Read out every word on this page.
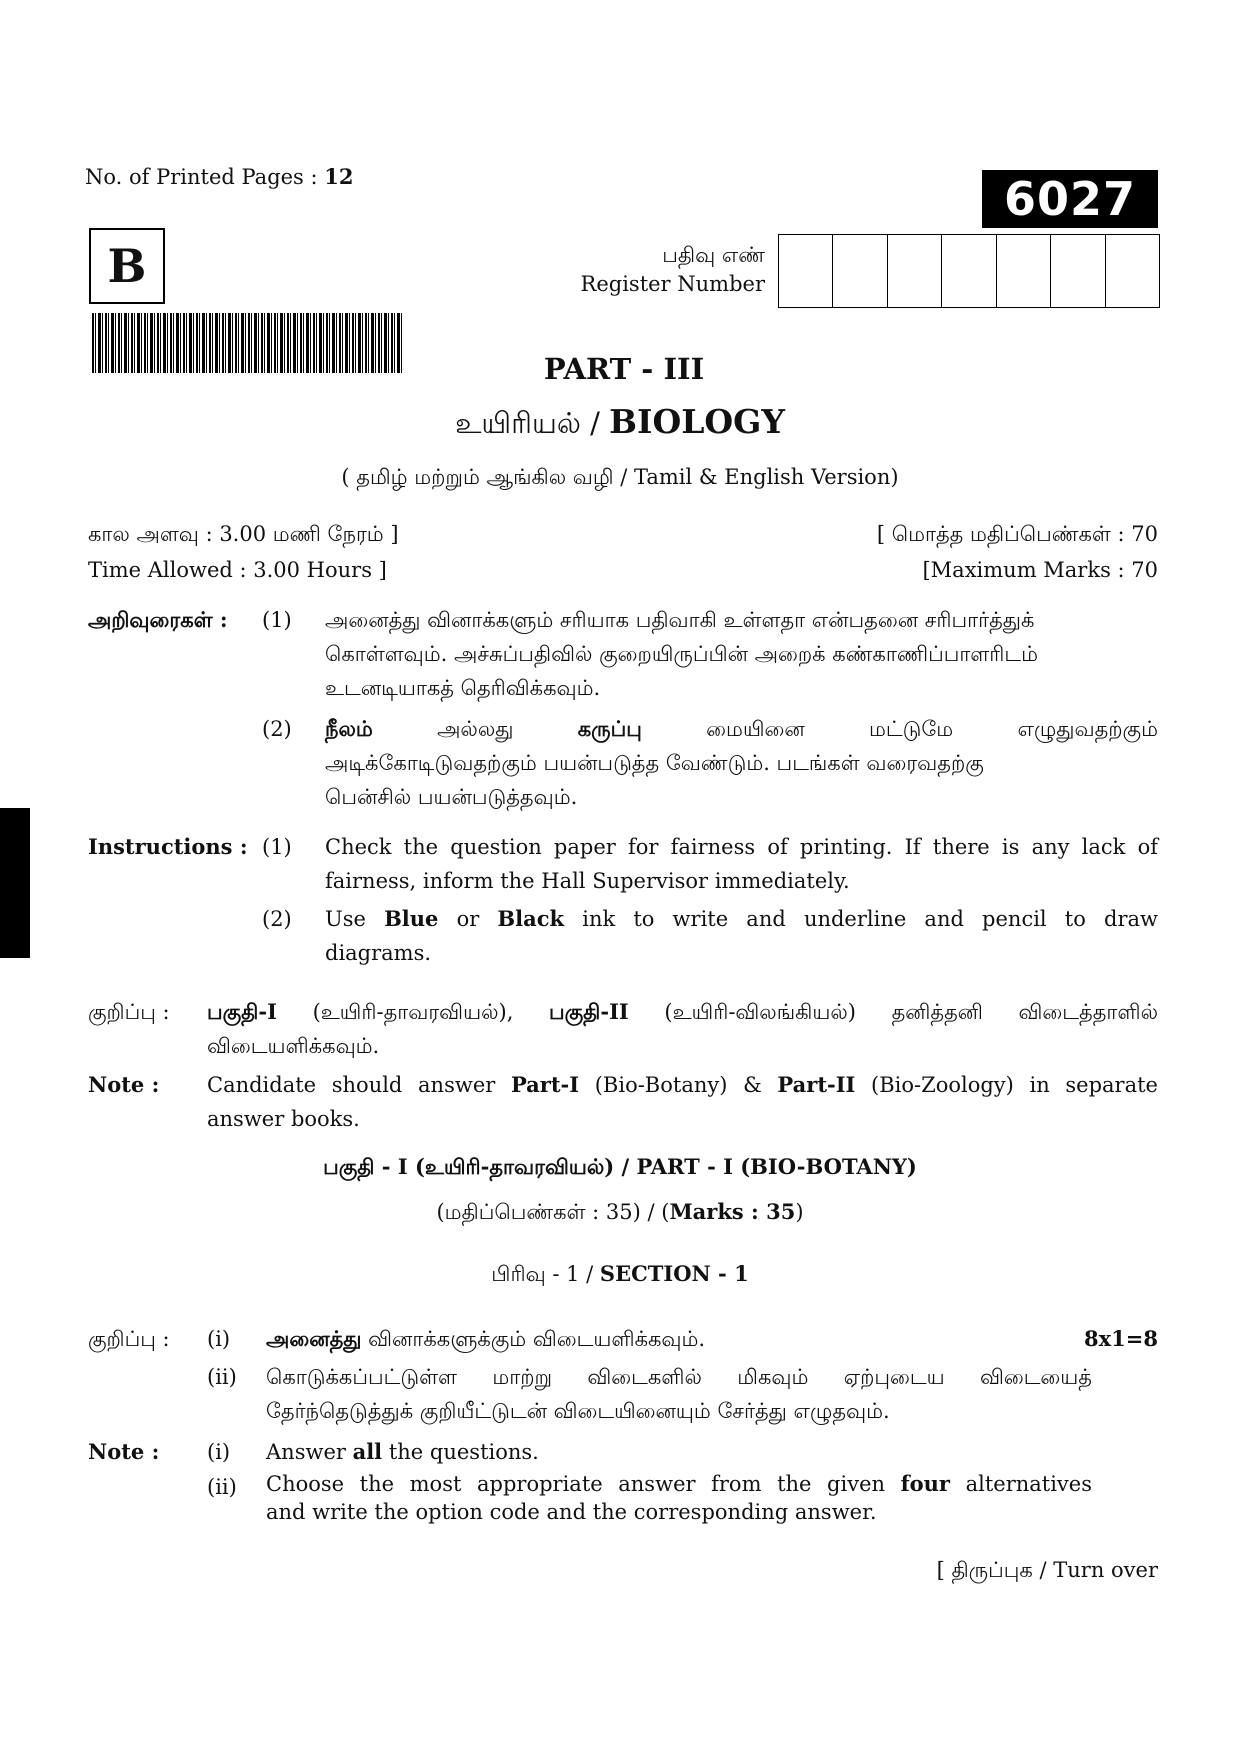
No. of Printed Pages : 12	6027
B	பதிவு எண்
Register Number
PART - III
உயிரியல் / BIOLOGY
( தமிழ் மற்றும் ஆங்கில வழி / Tamil & English Version)
கால அளவு : 3.00 மணி நேரம் ]
Time Allowed : 3.00 Hours ]
[ மொத்த மதிப்பெண்கள் : 70
[Maximum Marks : 70
அறிவுரைகள் : (1) அனைத்து வினாக்களும் சரியாக பதிவாகி உள்ளதா என்பதனை சரிபார்த்துக்
கொள்ளவும். அச்சுப்பதிவில் குறையிருப்பின் அறைக் கண்காணிப்பாளரிடம்
உடனடியாகத் தெரிவிக்கவும்.
(2) நீலம்	அல்லது	கருப்பு	மையினை	மட்டுமே	எழுதுவதற்கும்
அடிக்கோடிடுவதற்கும் பயன்படுத்த வேண்டும். படங்கள் வரைவதற்கு
பென்சில் பயன்படுத்தவும்.
Instructions : (1) Check the question paper for fairness of printing. If there is any lack of
fairness, inform the Hall Supervisor immediately.
(2) Use Blue or Black ink to write and underline and pencil to draw
diagrams.
குறிப்பு : பகுதி-I (உயிரி-தாவரவியல்), பகுதி-II (உயிரி-விலங்கியல்) தனித்தனி விடைத்தாளில்
விடையளிக்கவும்.
Note : Candidate should answer Part-I (Bio-Botany) & Part-II (Bio-Zoology) in separate
answer books.
பகுதி - I (உயிரி-தாவரவியல்) / PART - I (BIO-BOTANY)
(மதிப்பெண்கள் : 35) / (Marks : 35)
பிரிவு - 1 / SECTION - 1
குறிப்பு : (i) அனைத்து வினாக்களுக்கும் விடையளிக்கவும்.	8x1=8
(ii) கொடுக்கப்பட்டுள்ள மாற்று விடைகளில் மிகவும் ஏற்புடைய விடையைத்
தேர்ந்தெடுத்துக் குறியீட்டுடன் விடையினையும் சேர்த்து எழுதவும்.
Note : (i) Answer all the questions.
(ii) Choose the most appropriate answer from the given four alternatives
and write the option code and the corresponding answer.
[ திருப்புக / Turn over
